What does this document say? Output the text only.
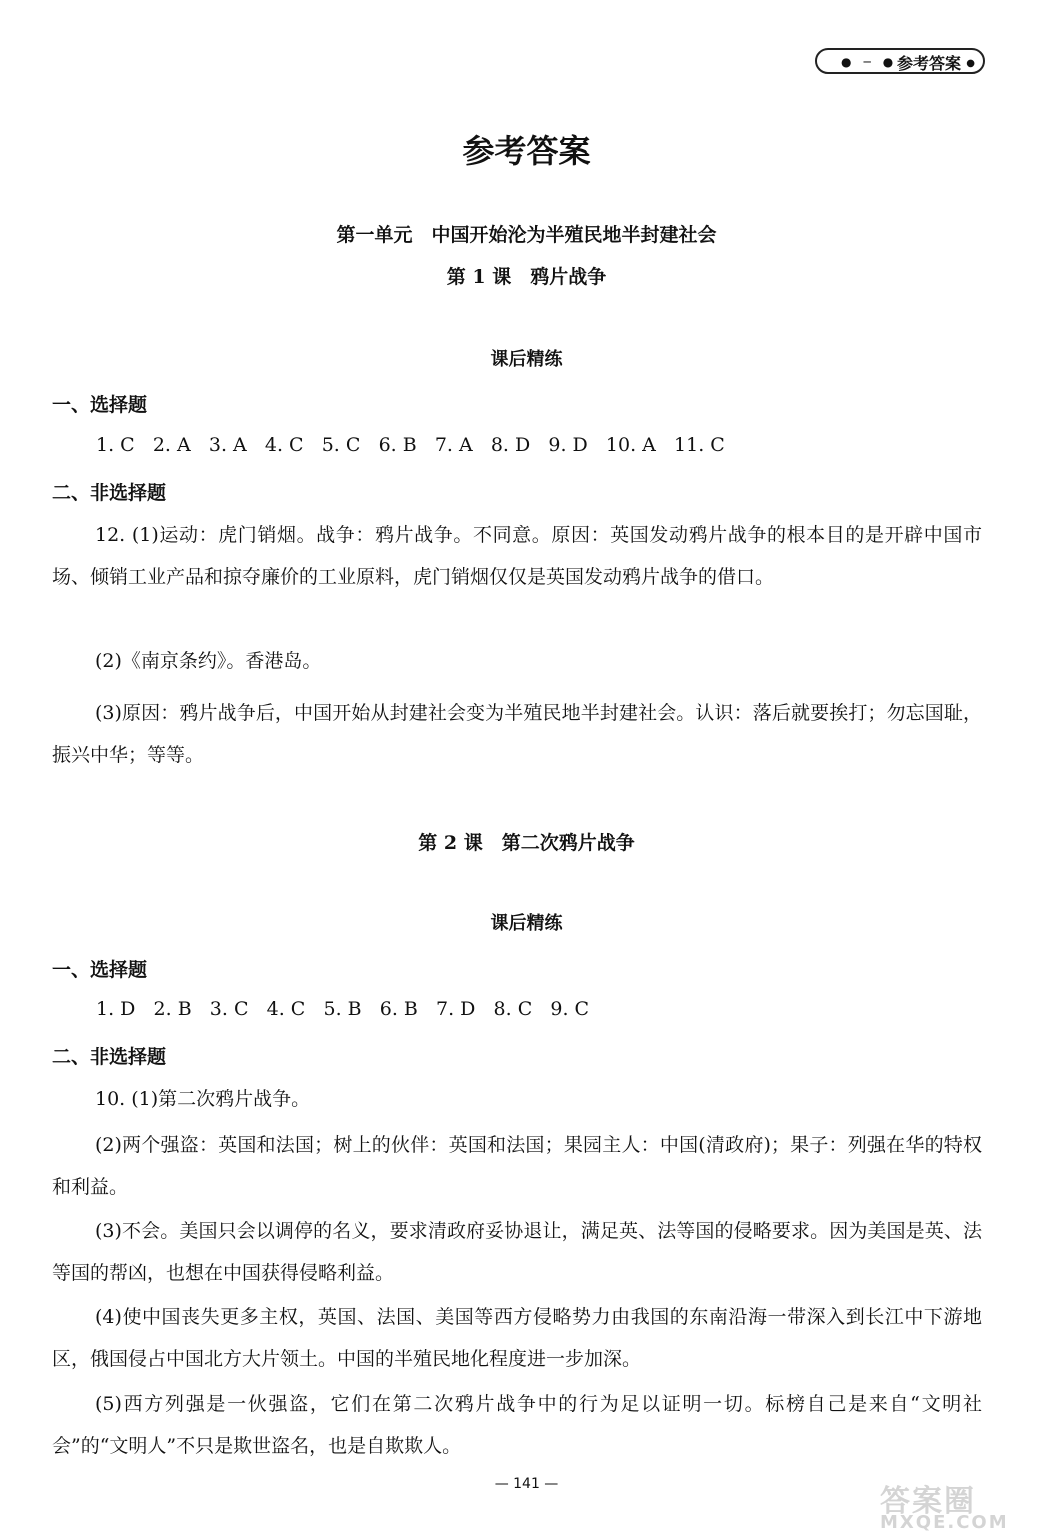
●─●
参考答案 ●
参考答案
第一单元　中国开始沦为半殖民地半封建社会
第 1 课　鸦片战争
课后精练
一、选择题
1. C 2. A 3. A 4. C 5. C 6. B 7. A 8. D 9. D 10. A 11. C
二、非选择题
12. (1)运动：虎门销烟。战争：鸦片战争。不同意。原因：英国发动鸦片战争的根本目的是开辟中国市场、倾销工业产品和掠夺廉价的工业原料，虎门销烟仅仅是英国发动鸦片战争的借口。
(2)《南京条约》。香港岛。
(3)原因：鸦片战争后，中国开始从封建社会变为半殖民地半封建社会。认识：落后就要挨打；勿忘国耻，振兴中华；等等。
第 2 课　第二次鸦片战争
课后精练
一、选择题
1. D 2. B 3. C 4. C 5. B 6. B 7. D 8. C 9. C
二、非选择题
10. (1)第二次鸦片战争。
(2)两个强盗：英国和法国；树上的伙伴：英国和法国；果园主人：中国(清政府)；果子：列强在华的特权和利益。
(3)不会。美国只会以调停的名义，要求清政府妥协退让，满足英、法等国的侵略要求。因为美国是英、法等国的帮凶，也想在中国获得侵略利益。
(4)使中国丧失更多主权，英国、法国、美国等西方侵略势力由我国的东南沿海一带深入到长江中下游地区，俄国侵占中国北方大片领土。中国的半殖民地化程度进一步加深。
(5)西方列强是一伙强盗，它们在第二次鸦片战争中的行为足以证明一切。标榜自己是来自“文明社会”的“文明人”不只是欺世盗名，也是自欺欺人。
— 141 —	答案圈
MXQE.COM
